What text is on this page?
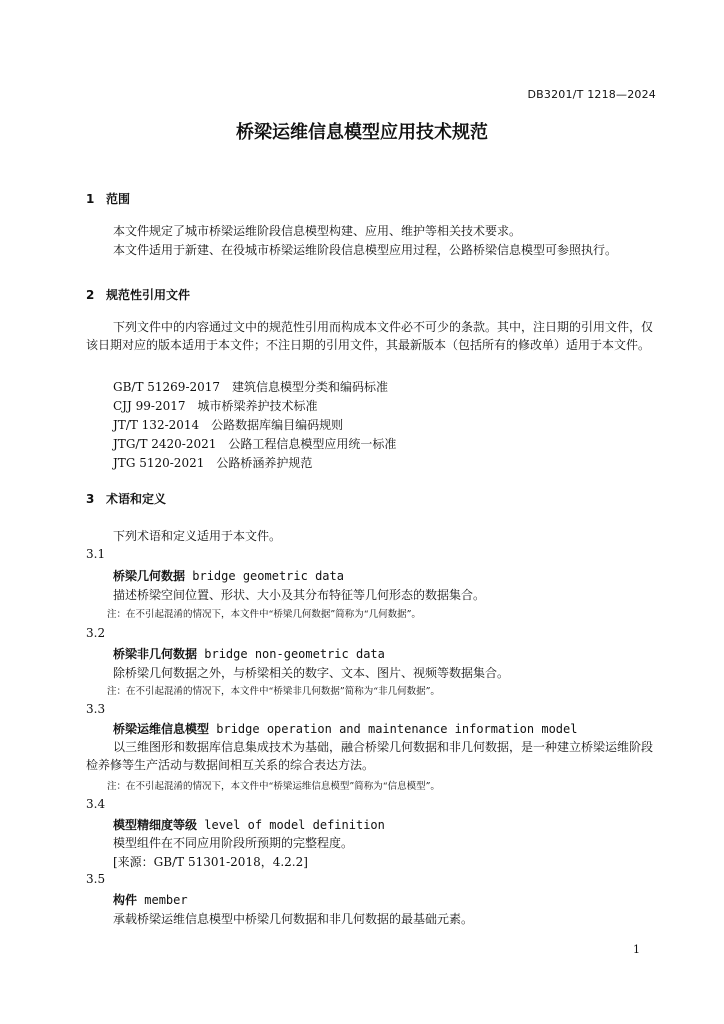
DB3201/T 1218—2024
桥梁运维信息模型应用技术规范
1 范围
本文件规定了城市桥梁运维阶段信息模型构建、应用、维护等相关技术要求。
本文件适用于新建、在役城市桥梁运维阶段信息模型应用过程，公路桥梁信息模型可参照执行。
2 规范性引用文件
下列文件中的内容通过文中的规范性引用而构成本文件必不可少的条款。其中，注日期的引用文件，仅该日期对应的版本适用于本文件；不注日期的引用文件，其最新版本（包括所有的修改单）适用于本文件。
GB/T 51269-2017　建筑信息模型分类和编码标准
CJJ 99-2017　城市桥梁养护技术标准
JT/T 132-2014　公路数据库编目编码规则
JTG/T 2420-2021　公路工程信息模型应用统一标准
JTG 5120-2021　公路桥涵养护规范
3 术语和定义
下列术语和定义适用于本文件。
3.1
桥梁几何数据 bridge geometric data
描述桥梁空间位置、形状、大小及其分布特征等几何形态的数据集合。
注：在不引起混淆的情况下，本文件中“桥梁几何数据”简称为“几何数据”。
3.2
桥梁非几何数据 bridge non-geometric data
除桥梁几何数据之外，与桥梁相关的数字、文本、图片、视频等数据集合。
注：在不引起混淆的情况下，本文件中“桥梁非几何数据”简称为“非几何数据”。
3.3
桥梁运维信息模型 bridge operation and maintenance information model
以三维图形和数据库信息集成技术为基础，融合桥梁几何数据和非几何数据，是一种建立桥梁运维阶段检养修等生产活动与数据间相互关系的综合表达方法。
注：在不引起混淆的情况下，本文件中“桥梁运维信息模型”简称为“信息模型”。
3.4
模型精细度等级 level of model definition
模型组件在不同应用阶段所预期的完整程度。
[来源：GB/T 51301-2018，4.2.2]
3.5
构件 member
承载桥梁运维信息模型中桥梁几何数据和非几何数据的最基础元素。
1
